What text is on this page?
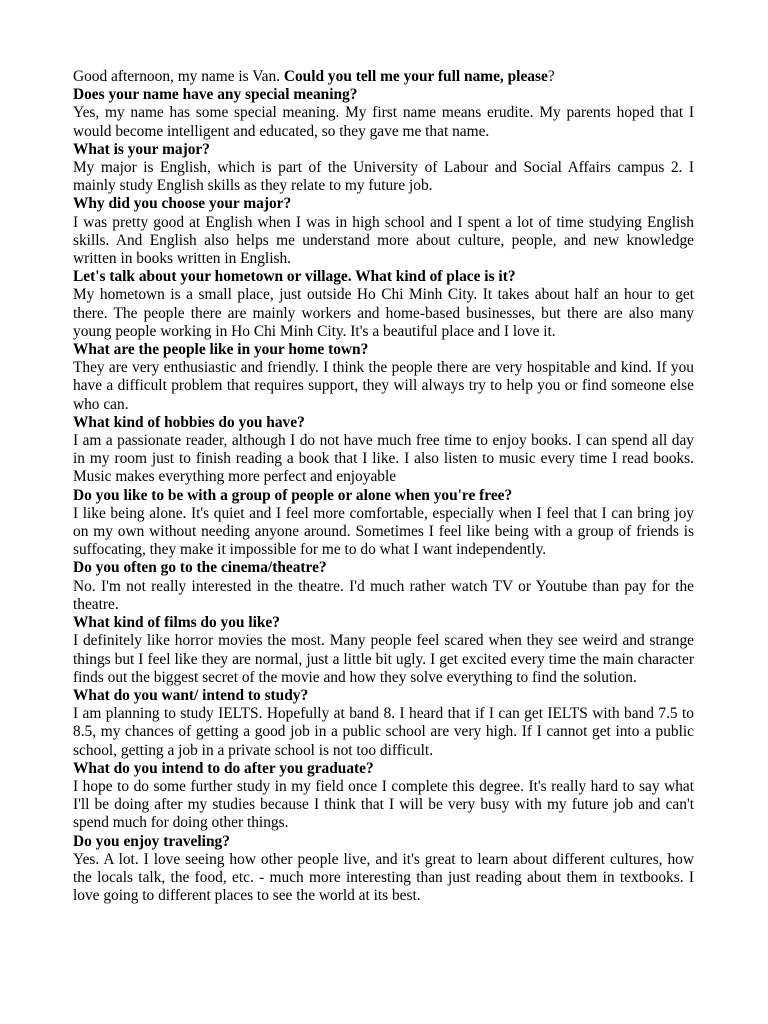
Good afternoon, my name is Van. Could you tell me your full name, please?

Does your name have any special meaning?

Yes, my name has some special meaning. My first name means erudite. My parents hoped that I would become intelligent and educated, so they gave me that name.

What is your major?

My major is English, which is part of the University of Labour and Social Affairs campus 2. I mainly study English skills as they relate to my future job.

Why did you choose your major?

I was pretty good at English when I was in high school and I spent a lot of time studying English skills. And English also helps me understand more about culture, people, and new knowledge written in books written in English.

Let's talk about your hometown or village. What kind of place is it?

My hometown is a small place, just outside Ho Chi Minh City. It takes about half an hour to get there. The people there are mainly workers and home-based businesses, but there are also many young people working in Ho Chi Minh City. It's a beautiful place and I love it.

What are the people like in your home town?

They are very enthusiastic and friendly. I think the people there are very hospitable and kind. If you have a difficult problem that requires support, they will always try to help you or find someone else who can.

What kind of hobbies do you have?

I am a passionate reader, although I do not have much free time to enjoy books. I can spend all day in my room just to finish reading a book that I like. I also listen to music every time I read books. Music makes everything more perfect and enjoyable

Do you like to be with a group of people or alone when you're free?

I like being alone. It's quiet and I feel more comfortable, especially when I feel that I can bring joy on my own without needing anyone around. Sometimes I feel like being with a group of friends is suffocating, they make it impossible for me to do what I want independently.

Do you often go to the cinema/theatre?

No. I'm not really interested in the theatre. I'd much rather watch TV or Youtube than pay for the theatre.

What kind of films do you like?

I definitely like horror movies the most. Many people feel scared when they see weird and strange things but I feel like they are normal, just a little bit ugly. I get excited every time the main character finds out the biggest secret of the movie and how they solve everything to find the solution.

What do you want/ intend to study?

I am planning to study IELTS. Hopefully at band 8. I heard that if I can get IELTS with band 7.5 to 8.5, my chances of getting a good job in a public school are very high. If I cannot get into a public school, getting a job in a private school is not too difficult.

What do you intend to do after you graduate?

I hope to do some further study in my field once I complete this degree. It's really hard to say what I'll be doing after my studies because I think that I will be very busy with my future job and can't spend much for doing other things.

Do you enjoy traveling?

Yes. A lot. I love seeing how other people live, and it's great to learn about different cultures, how the locals talk, the food, etc. - much more interesting than just reading about them in textbooks. I love going to different places to see the world at its best.
